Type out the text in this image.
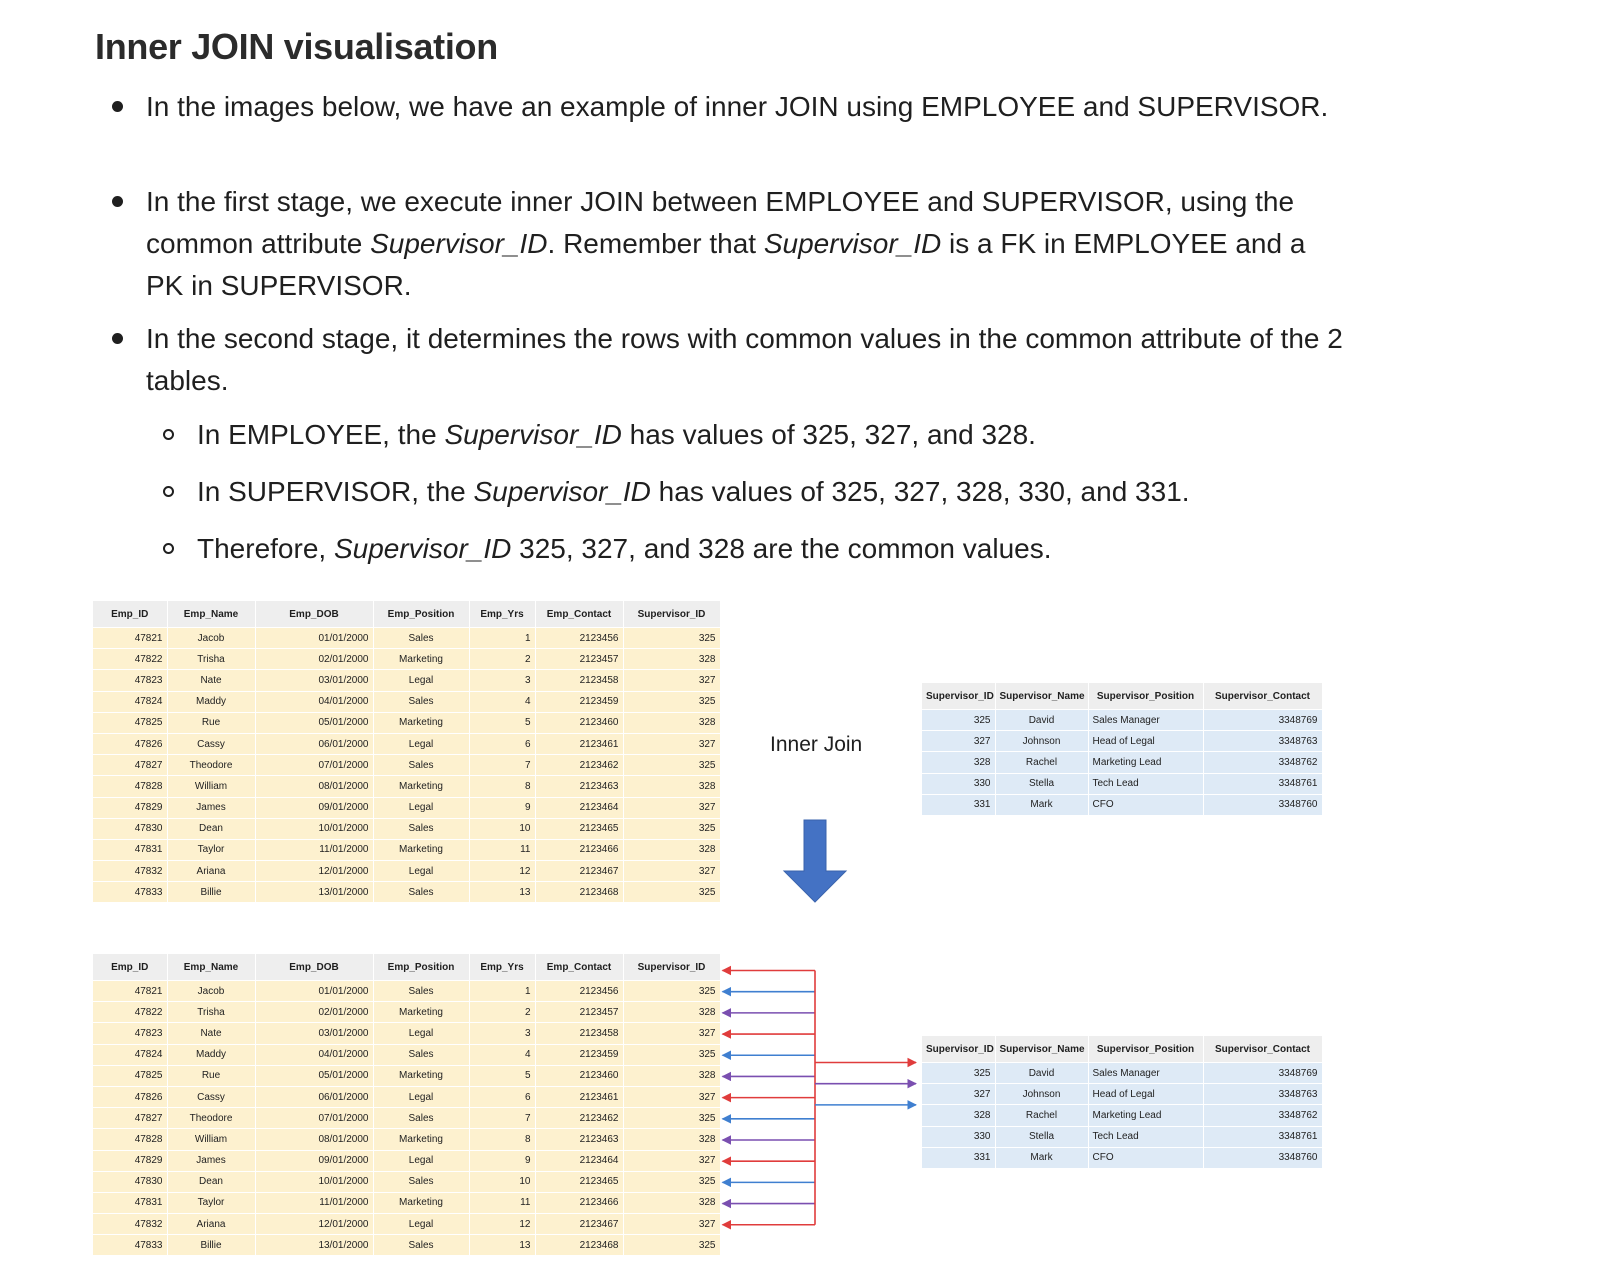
Inner JOIN visualisation
In the images below, we have an example of inner JOIN using EMPLOYEE and SUPERVISOR.
In the first stage, we execute inner JOIN between EMPLOYEE and SUPERVISOR, using the common attribute Supervisor_ID. Remember that Supervisor_ID is a FK in EMPLOYEE and a PK in SUPERVISOR.
In the second stage, it determines the rows with common values in the common attribute of the 2 tables.
In EMPLOYEE, the Supervisor_ID has values of 325, 327, and 328.
In SUPERVISOR, the Supervisor_ID has values of 325, 327, 328, 330, and 331.
Therefore, Supervisor_ID 325, 327, and 328 are the common values.
Emp_ID	Emp_Name	Emp_DOB	Emp_Position	Emp_Yrs	Emp_Contact	Supervisor_ID
47821	Jacob	01/01/2000	Sales	1	2123456	325
47822	Trisha	02/01/2000	Marketing	2	2123457	328
47823	Nate	03/01/2000	Legal	3	2123458	327
47824	Maddy	04/01/2000	Sales	4	2123459	325
47825	Rue	05/01/2000	Marketing	5	2123460	328
47826	Cassy	06/01/2000	Legal	6	2123461	327
47827	Theodore	07/01/2000	Sales	7	2123462	325
47828	William	08/01/2000	Marketing	8	2123463	328
47829	James	09/01/2000	Legal	9	2123464	327
47830	Dean	10/01/2000	Sales	10	2123465	325
47831	Taylor	11/01/2000	Marketing	11	2123466	328
47832	Ariana	12/01/2000	Legal	12	2123467	327
47833	Billie	13/01/2000	Sales	13	2123468	325
Supervisor_ID	Supervisor_Name	Supervisor_Position	Supervisor_Contact
325	David	Sales Manager	3348769
327	Johnson	Head of Legal	3348763
328	Rachel	Marketing Lead	3348762
330	Stella	Tech Lead	3348761
331	Mark	CFO	3348760
Inner Join
Emp_ID	Emp_Name	Emp_DOB	Emp_Position	Emp_Yrs	Emp_Contact	Supervisor_ID
47821	Jacob	01/01/2000	Sales	1	2123456	325
47822	Trisha	02/01/2000	Marketing	2	2123457	328
47823	Nate	03/01/2000	Legal	3	2123458	327
47824	Maddy	04/01/2000	Sales	4	2123459	325
47825	Rue	05/01/2000	Marketing	5	2123460	328
47826	Cassy	06/01/2000	Legal	6	2123461	327
47827	Theodore	07/01/2000	Sales	7	2123462	325
47828	William	08/01/2000	Marketing	8	2123463	328
47829	James	09/01/2000	Legal	9	2123464	327
47830	Dean	10/01/2000	Sales	10	2123465	325
47831	Taylor	11/01/2000	Marketing	11	2123466	328
47832	Ariana	12/01/2000	Legal	12	2123467	327
47833	Billie	13/01/2000	Sales	13	2123468	325
Supervisor_ID	Supervisor_Name	Supervisor_Position	Supervisor_Contact
325	David	Sales Manager	3348769
327	Johnson	Head of Legal	3348763
328	Rachel	Marketing Lead	3348762
330	Stella	Tech Lead	3348761
331	Mark	CFO	3348760
